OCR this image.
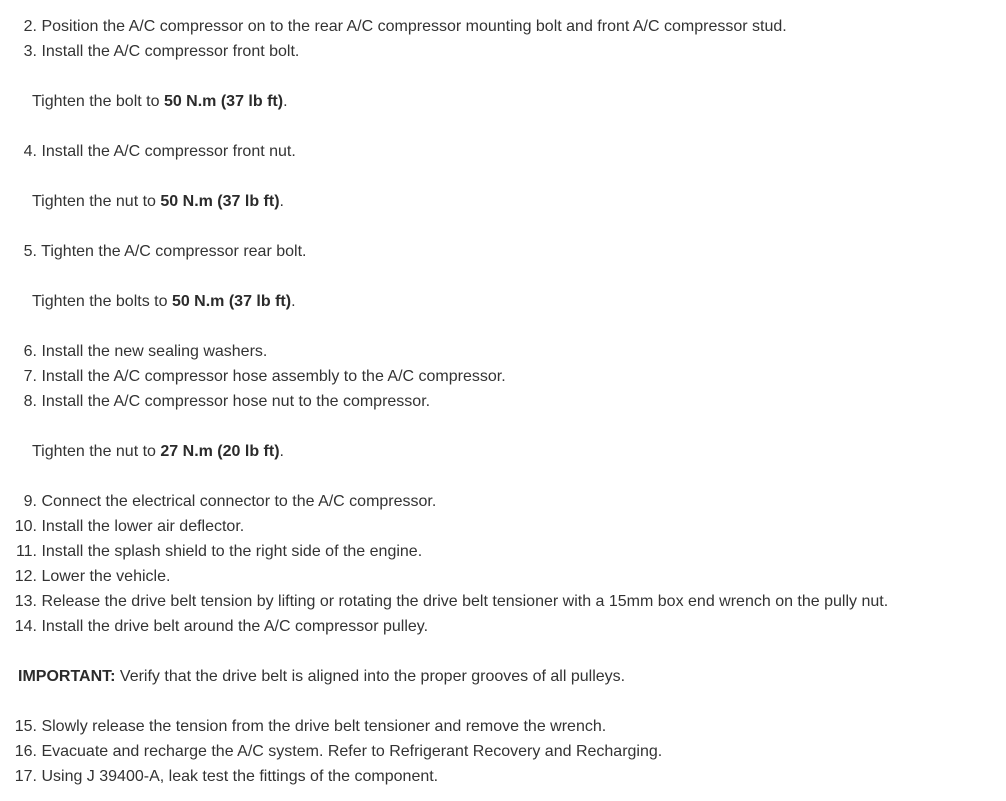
2. Position the A/C compressor on to the rear A/C compressor mounting bolt and front A/C compressor stud.
3. Install the A/C compressor front bolt.
Tighten the bolt to 50 N.m (37 lb ft).
4. Install the A/C compressor front nut.
Tighten the nut to 50 N.m (37 lb ft).
5. Tighten the A/C compressor rear bolt.
Tighten the bolts to 50 N.m (37 lb ft).
6. Install the new sealing washers.
7. Install the A/C compressor hose assembly to the A/C compressor.
8. Install the A/C compressor hose nut to the compressor.
Tighten the nut to 27 N.m (20 lb ft).
9. Connect the electrical connector to the A/C compressor.
10. Install the lower air deflector.
11. Install the splash shield to the right side of the engine.
12. Lower the vehicle.
13. Release the drive belt tension by lifting or rotating the drive belt tensioner with a 15mm box end wrench on the pully nut.
14. Install the drive belt around the A/C compressor pulley.
IMPORTANT: Verify that the drive belt is aligned into the proper grooves of all pulleys.
15. Slowly release the tension from the drive belt tensioner and remove the wrench.
16. Evacuate and recharge the A/C system. Refer to Refrigerant Recovery and Recharging.
17. Using J 39400-A, leak test the fittings of the component.
